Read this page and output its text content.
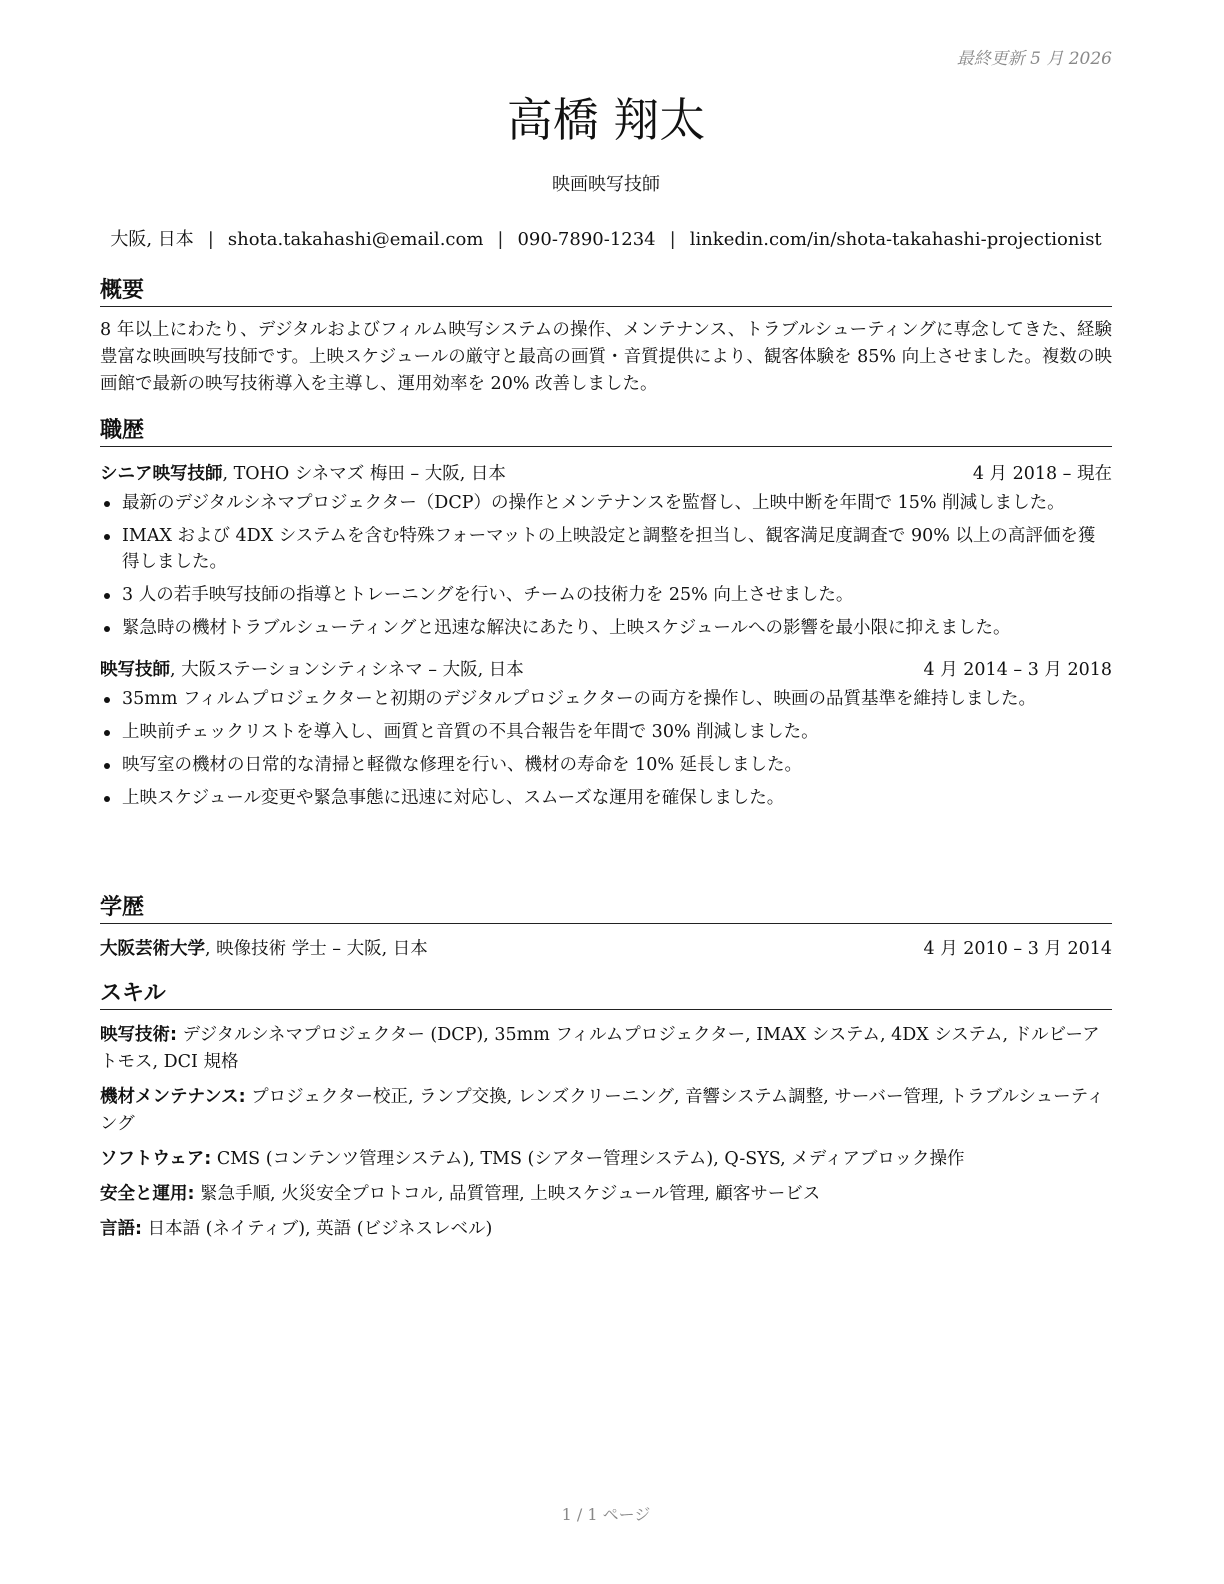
最終更新 5 月 2026
高橋 翔太
映画映写技師
大阪, 日本 | shota.takahashi@email.com | 090-7890-1234 | linkedin.com/in/shota-takahashi-projectionist
概要
8 年以上にわたり、デジタルおよびフィルム映写システムの操作、メンテナンス、トラブルシューティングに専念してきた、経験豊富な映画映写技師です。上映スケジュールの厳守と最高の画質・音質提供により、観客体験を 85% 向上させました。複数の映画館で最新の映写技術導入を主導し、運用効率を 20% 改善しました。
職歴
シニア映写技師, TOHO シネマズ 梅田 – 大阪, 日本	4 月 2018 – 現在
最新のデジタルシネマプロジェクター（DCP）の操作とメンテナンスを監督し、上映中断を年間で 15% 削減しました。
IMAX および 4DX システムを含む特殊フォーマットの上映設定と調整を担当し、観客満足度調査で 90% 以上の高評価を獲得しました。
3 人の若手映写技師の指導とトレーニングを行い、チームの技術力を 25% 向上させました。
緊急時の機材トラブルシューティングと迅速な解決にあたり、上映スケジュールへの影響を最小限に抑えました。
映写技師, 大阪ステーションシティシネマ – 大阪, 日本	4 月 2014 – 3 月 2018
35mm フィルムプロジェクターと初期のデジタルプロジェクターの両方を操作し、映画の品質基準を維持しました。
上映前チェックリストを導入し、画質と音質の不具合報告を年間で 30% 削減しました。
映写室の機材の日常的な清掃と軽微な修理を行い、機材の寿命を 10% 延長しました。
上映スケジュール変更や緊急事態に迅速に対応し、スムーズな運用を確保しました。
学歴
大阪芸術大学, 映像技術 学士 – 大阪, 日本	4 月 2010 – 3 月 2014
スキル
映写技術: デジタルシネマプロジェクター (DCP), 35mm フィルムプロジェクター, IMAX システム, 4DX システム, ドルビーアトモス, DCI 規格
機材メンテナンス: プロジェクター校正, ランプ交換, レンズクリーニング, 音響システム調整, サーバー管理, トラブルシューティング
ソフトウェア: CMS (コンテンツ管理システム), TMS (シアター管理システム), Q-SYS, メディアブロック操作
安全と運用: 緊急手順, 火災安全プロトコル, 品質管理, 上映スケジュール管理, 顧客サービス
言語: 日本語 (ネイティブ), 英語 (ビジネスレベル)
1 / 1 ページ
